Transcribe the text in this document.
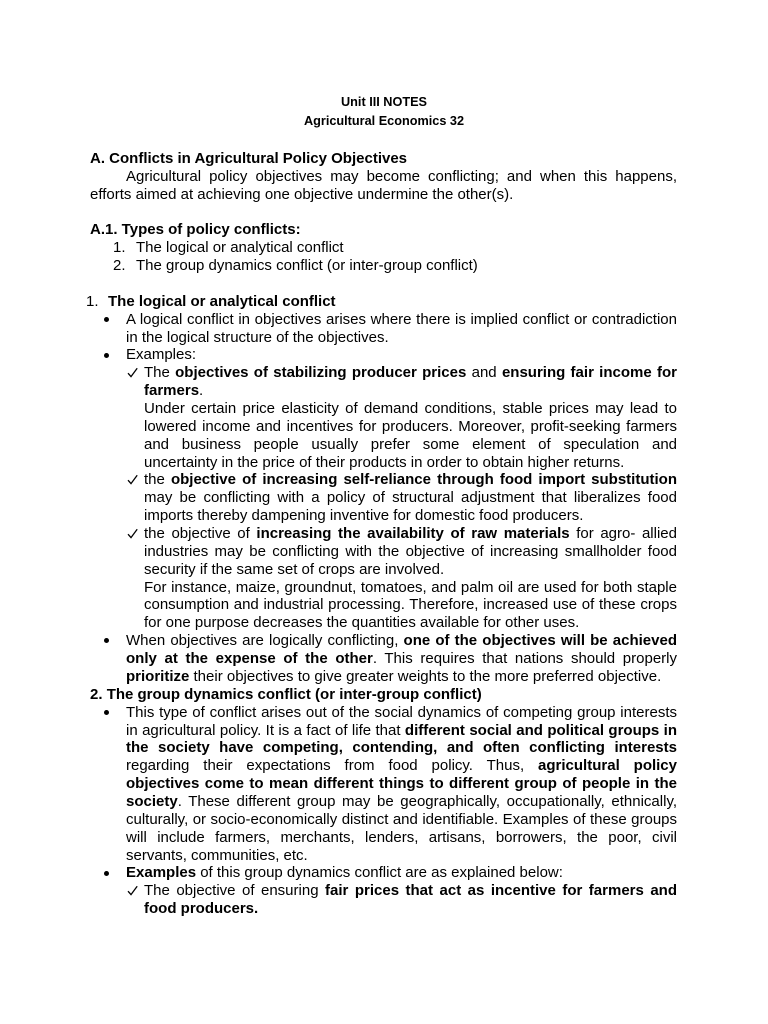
Unit III NOTES
Agricultural Economics 32
A. Conflicts in Agricultural Policy Objectives
Agricultural policy objectives may become conflicting; and when this happens,
efforts aimed at achieving one objective undermine the other(s).
A.1. Types of policy conflicts:
1. The logical or analytical conflict
2. The group dynamics conflict (or inter-group conflict)
1. The logical or analytical conflict
A logical conflict in objectives arises where there is implied conflict or contradiction
in the logical structure of the objectives.
Examples:
The objectives of stabilizing producer prices and ensuring fair income for
farmers.
Under certain price elasticity of demand conditions, stable prices may lead to
lowered income and incentives for producers. Moreover, profit-seeking farmers
and business people usually prefer some element of speculation and
uncertainty in the price of their products in order to obtain higher returns.
the objective of increasing self-reliance through food import substitution
may be conflicting with a policy of structural adjustment that liberalizes food
imports thereby dampening inventive for domestic food producers.
the objective of increasing the availability of raw materials for agro- allied
industries may be conflicting with the objective of increasing smallholder food
security if the same set of crops are involved.
For instance, maize, groundnut, tomatoes, and palm oil are used for both staple
consumption and industrial processing. Therefore, increased use of these crops
for one purpose decreases the quantities available for other uses.
When objectives are logically conflicting, one of the objectives will be achieved
only at the expense of the other. This requires that nations should properly
prioritize their objectives to give greater weights to the more preferred objective.
2. The group dynamics conflict (or inter-group conflict)
This type of conflict arises out of the social dynamics of competing group interests
in agricultural policy. It is a fact of life that different social and political groups in
the society have competing, contending, and often conflicting interests
regarding their expectations from food policy. Thus, agricultural policy
objectives come to mean different things to different group of people in the
society. These different group may be geographically, occupationally, ethnically,
culturally, or socio-economically distinct and identifiable. Examples of these groups
will include farmers, merchants, lenders, artisans, borrowers, the poor, civil
servants, communities, etc.
Examples of this group dynamics conflict are as explained below:
The objective of ensuring fair prices that act as incentive for farmers and
food producers.
